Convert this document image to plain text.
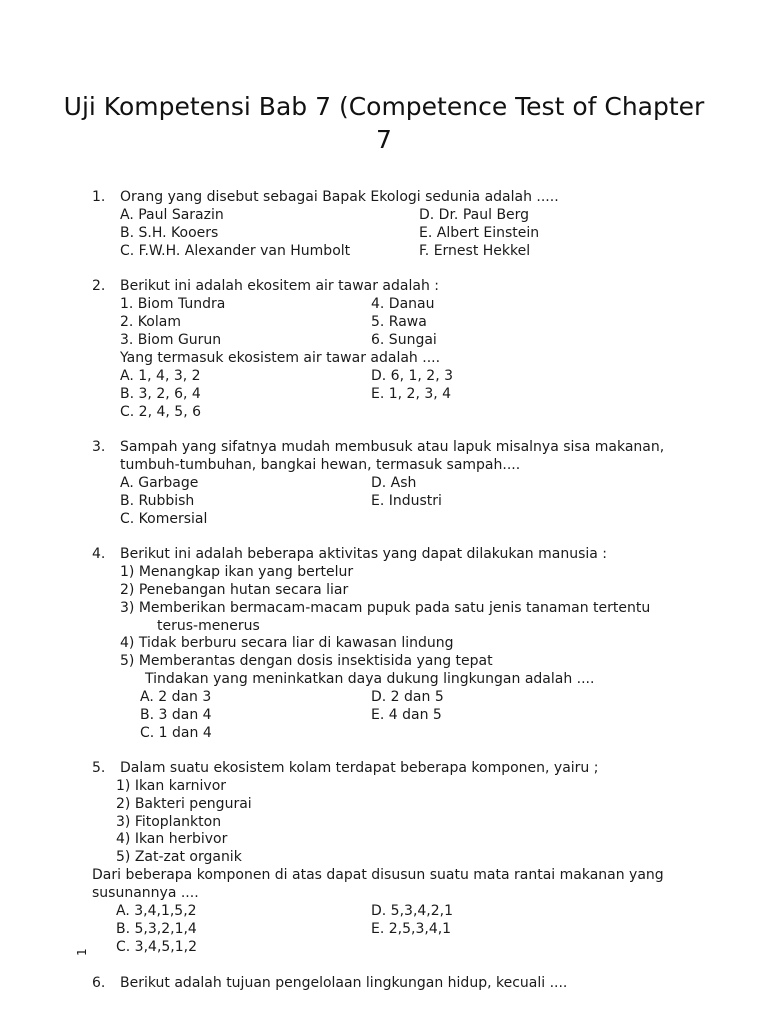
Uji Kompetensi Bab 7 (Competence Test of Chapter 7
1. Orang yang disebut sebagai Bapak Ekologi sedunia adalah .....
A. Paul Sarazin
B. S.H. Kooers
C. F.W.H. Alexander van Humbolt
D. Dr. Paul Berg
E. Albert Einstein
F. Ernest Hekkel
2. Berikut ini adalah ekositem air tawar adalah :
1. Biom Tundra
2. Kolam
3. Biom Gurun
4. Danau
5. Rawa
6. Sungai
Yang termasuk ekosistem air tawar adalah ....
A. 1, 4, 3, 2
B. 3, 2, 6, 4
C. 2, 4, 5, 6
D. 6, 1, 2, 3
E. 1, 2, 3, 4
3. Sampah yang sifatnya mudah membusuk atau lapuk misalnya sisa makanan,
tumbuh-tumbuhan, bangkai hewan, termasuk sampah....
A. Garbage
B. Rubbish
C. Komersial
D. Ash
E. Industri
4. Berikut ini adalah beberapa aktivitas yang dapat dilakukan manusia :
1) Menangkap ikan yang bertelur
2) Penebangan hutan secara liar
3) Memberikan bermacam-macam pupuk pada satu jenis tanaman tertentu
terus-menerus
4) Tidak berburu secara liar di kawasan lindung
5) Memberantas dengan dosis insektisida yang tepat
Tindakan yang meninkatkan daya dukung lingkungan adalah ....
A. 2 dan 3
B. 3 dan 4
C. 1 dan 4
D. 2 dan 5
E. 4 dan 5
5. Dalam suatu ekosistem kolam terdapat beberapa komponen, yairu ;
1) Ikan karnivor
2) Bakteri pengurai
3) Fitoplankton
4) Ikan herbivor
5) Zat-zat organik
Dari beberapa komponen di atas dapat disusun suatu mata rantai makanan yang
susunannya ....
A. 3,4,1,5,2
B. 5,3,2,1,4
C. 3,4,5,1,2
D. 5,3,4,2,1
E. 2,5,3,4,1
6. Berikut adalah tujuan pengelolaan lingkungan hidup, kecuali ....
1
